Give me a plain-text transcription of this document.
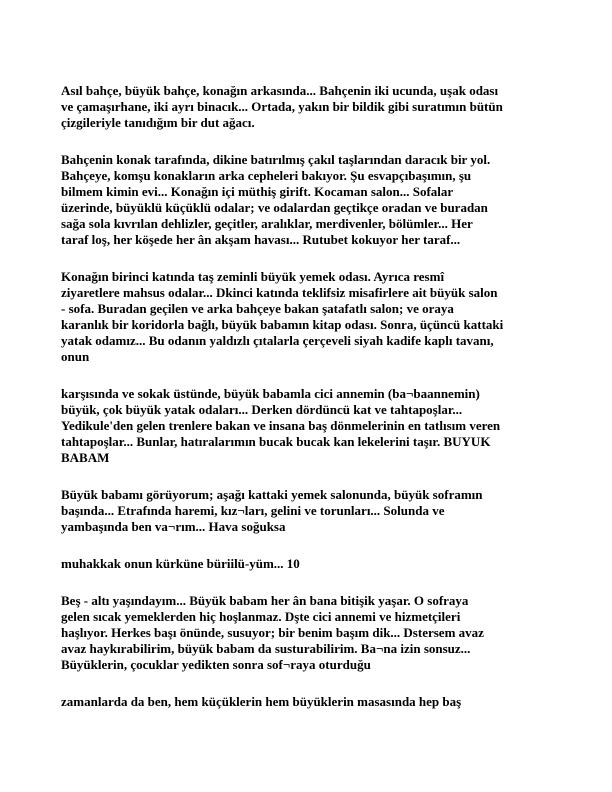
Asıl bahçe, büyük bahçe, konağın arkasında... Bahçenin iki ucunda, uşak odası
ve çamaşırhane, iki ayrı binacık... Ortada, yakın bir bildik gibi suratımın bütün
çizgileriyle tanıdığım bir dut ağacı.
Bahçenin konak tarafında, dikine batırılmış çakıl taşlarından daracık bir yol.
Bahçeye, komşu konakların arka cepheleri bakıyor. Şu esvapçıbaşımın, şu
bilmem kimin evi... Konağın içi müthiş girift. Kocaman salon... Sofalar
üzerinde, büyüklü küçüklü odalar; ve odalardan geçtikçe oradan ve buradan
sağa sola kıvrılan dehlizler, geçitler, aralıklar, merdivenler, bölümler... Her
taraf loş, her köşede her ân akşam havası... Rutubet kokuyor her taraf...
Konağın birinci katında taş zeminli büyük yemek odası. Ayrıca resmî
ziyaretlere mahsus odalar... Dkinci katında teklifsiz misafirlere ait büyük salon
- sofa. Buradan geçilen ve arka bahçeye bakan şatafatlı salon; ve oraya
karanlık bir koridorla bağlı, büyük babamın kitap odası. Sonra, üçüncü kattaki
yatak odamız... Bu odanın yaldızlı çıtalarla çerçeveli siyah kadife kaplı tavanı,
onun
karşısında ve sokak üstünde, büyük babamla cici annemin (ba¬baannemin)
büyük, çok büyük yatak odaları... Derken dördüncü kat ve tahtapoşlar...
Yedikule'den gelen trenlere bakan ve insana baş dönmelerinin en tatlısım veren
tahtapoşlar... Bunlar, hatıralarımın bucak bucak kan lekelerini taşır. BUYUK
BABAM
Büyük babamı görüyorum; aşağı kattaki yemek salonunda, büyük soframın
başında... Etrafında haremi, kız¬ları, gelini ve torunları... Solunda ve
yambaşında ben va¬rım... Hava soğuksa
muhakkak onun kürküne büriilü-yüm... 10
Beş - altı yaşındayım... Büyük babam her ân bana bitişik yaşar. O sofraya
gelen sıcak yemeklerden hiç hoşlanmaz. Dşte cici annemi ve hizmetçileri
haşlıyor. Herkes başı önünde, susuyor; bir benim başım dik... Dstersem avaz
avaz haykırabilirim, büyük babam da susturabilirim. Ba¬na izin sonsuz...
Büyüklerin, çocuklar yedikten sonra sof¬raya oturduğu
zamanlarda da ben, hem küçüklerin hem büyüklerin masasında hep baş
